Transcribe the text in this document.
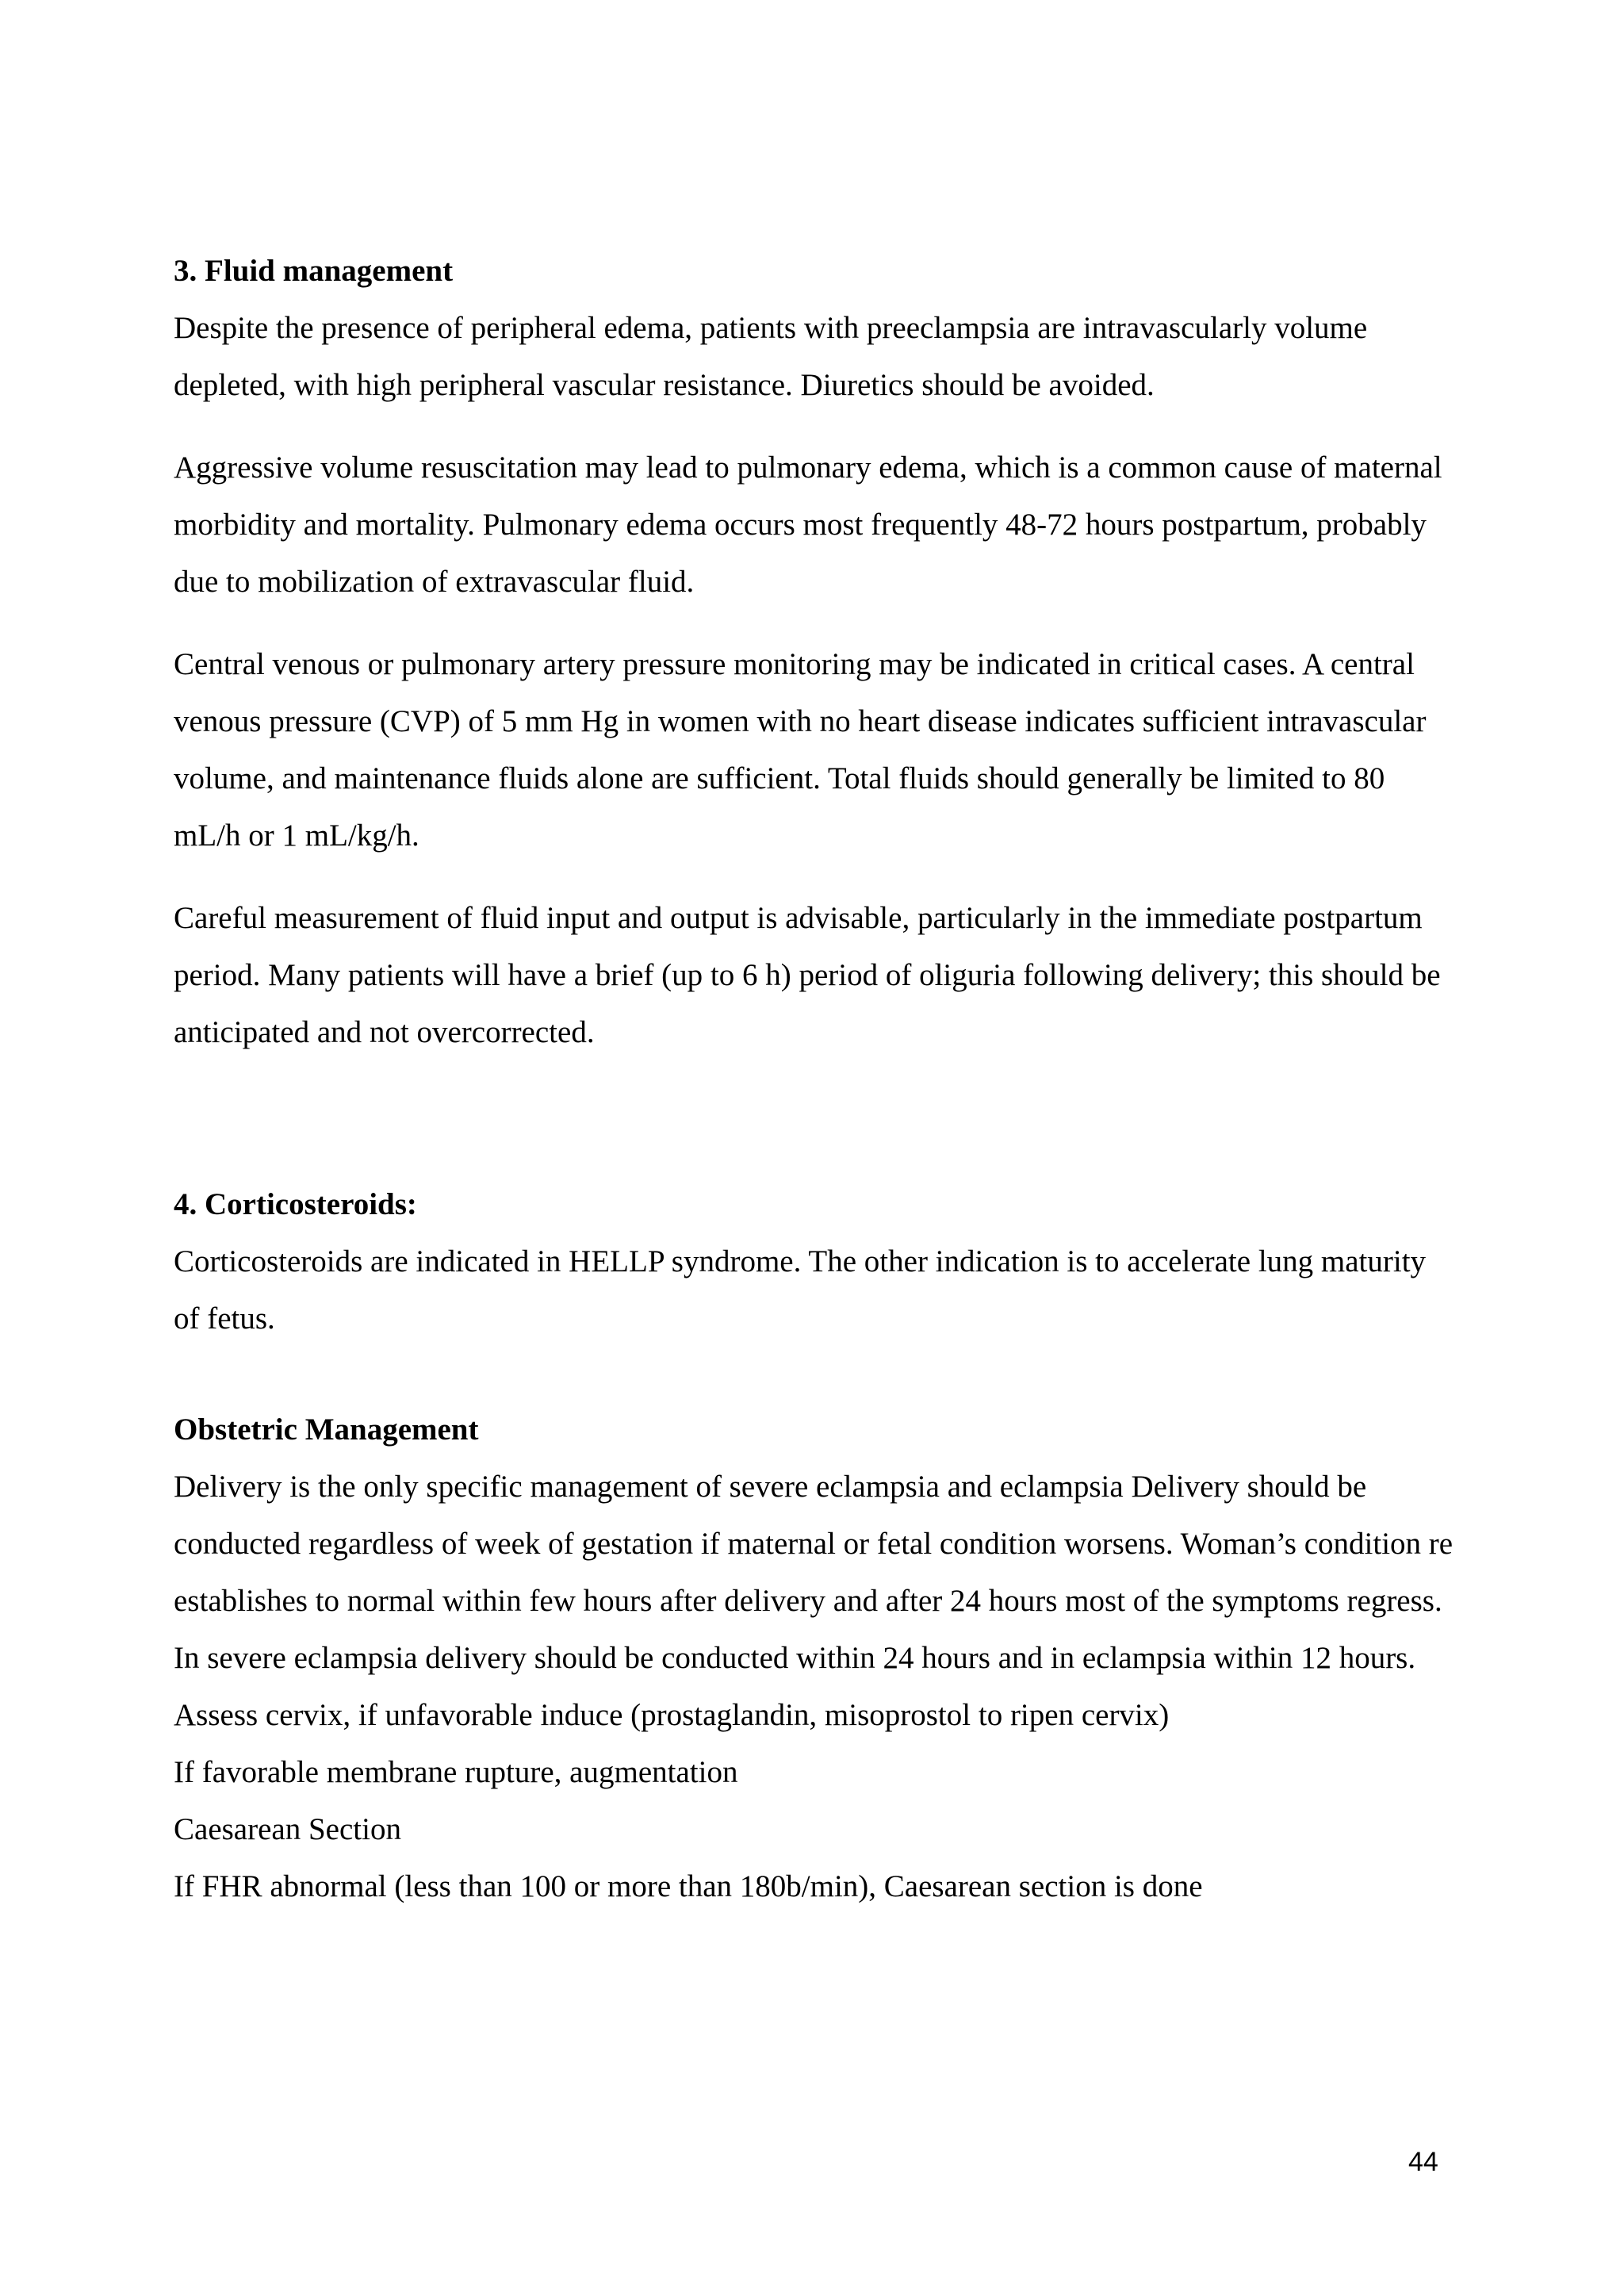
3. Fluid management

Despite the presence of peripheral edema, patients with preeclampsia are intravascularly volume depleted, with high peripheral vascular resistance. Diuretics should be avoided.

Aggressive volume resuscitation may lead to pulmonary edema, which is a common cause of maternal morbidity and mortality. Pulmonary edema occurs most frequently 48-72 hours postpartum, probably due to mobilization of extravascular fluid.

Central venous or pulmonary artery pressure monitoring may be indicated in critical cases. A central venous pressure (CVP) of 5 mm Hg in women with no heart disease indicates sufficient intravascular volume, and maintenance fluids alone are sufficient. Total fluids should generally be limited to 80 mL/h or 1 mL/kg/h.

Careful measurement of fluid input and output is advisable, particularly in the immediate postpartum period. Many patients will have a brief (up to 6 h) period of oliguria following delivery; this should be anticipated and not overcorrected.

4. Corticosteroids:

Corticosteroids are indicated in HELLP syndrome. The other indication is to accelerate lung maturity of fetus.

Obstetric Management

Delivery is the only specific management of severe eclampsia and eclampsia Delivery should be conducted regardless of week of gestation if maternal or fetal condition worsens. Woman’s condition re establishes to normal within few hours after delivery and after 24 hours most of the symptoms regress.

In severe eclampsia delivery should be conducted within 24 hours and in eclampsia within 12 hours.

Assess cervix, if unfavorable induce (prostaglandin, misoprostol to ripen cervix)

If favorable membrane rupture, augmentation

Caesarean Section

If FHR abnormal (less than 100 or more than 180b/min), Caesarean section is done

44
